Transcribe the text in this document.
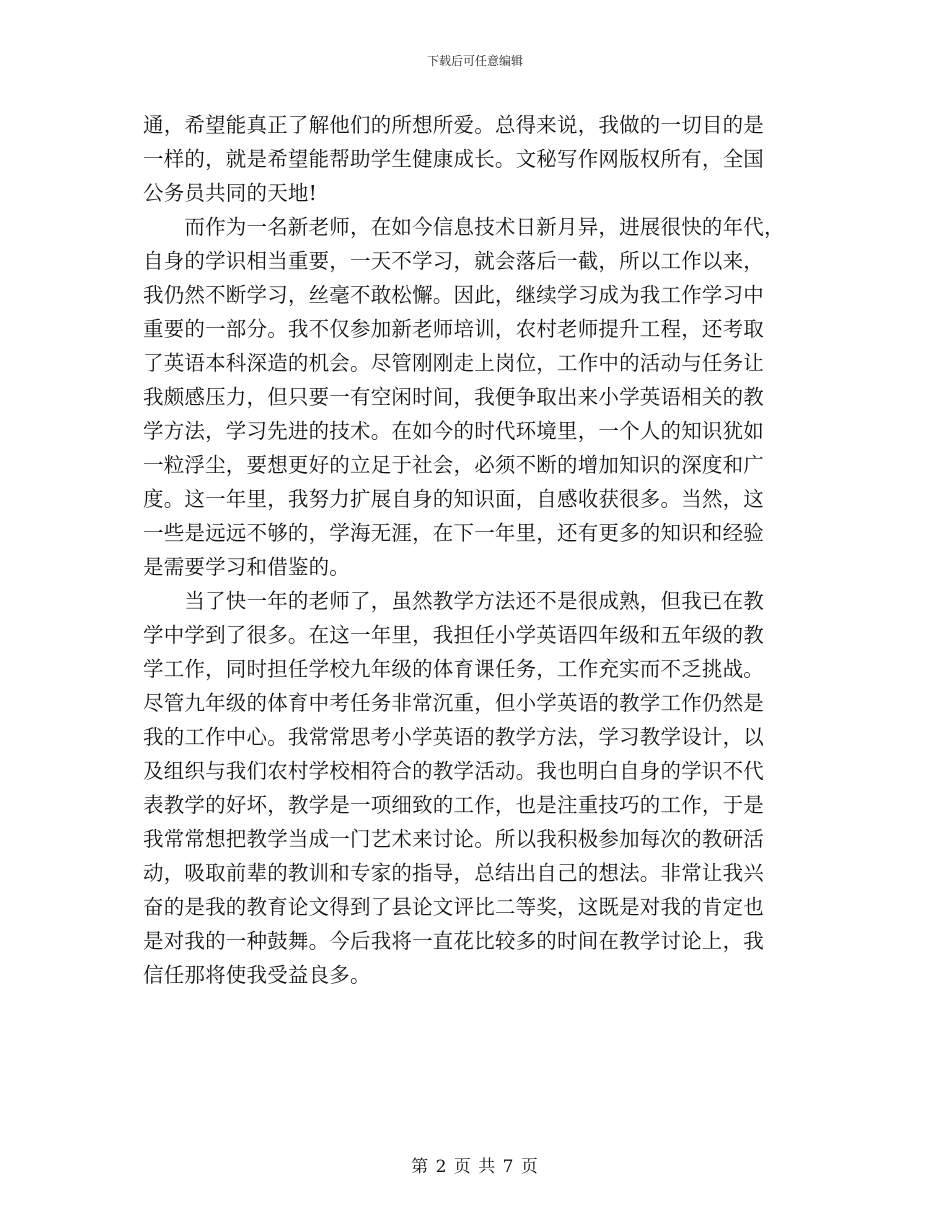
下载后可任意编辑
通，希望能真正了解他们的所想所爱。总得来说，我做的一切目的是
一样的，就是希望能帮助学生健康成长。文秘写作网版权所有，全国
公务员共同的天地!
　　而作为一名新老师，在如今信息技术日新月异，进展很快的年代，
自身的学识相当重要，一天不学习，就会落后一截，所以工作以来，
我仍然不断学习，丝毫不敢松懈。因此，继续学习成为我工作学习中
重要的一部分。我不仅参加新老师培训，农村老师提升工程，还考取
了英语本科深造的机会。尽管刚刚走上岗位，工作中的活动与任务让
我颇感压力，但只要一有空闲时间，我便争取出来小学英语相关的教
学方法，学习先进的技术。在如今的时代环境里，一个人的知识犹如
一粒浮尘，要想更好的立足于社会，必须不断的增加知识的深度和广
度。这一年里，我努力扩展自身的知识面，自感收获很多。当然，这
一些是远远不够的，学海无涯，在下一年里，还有更多的知识和经验
是需要学习和借鉴的。
　　当了快一年的老师了，虽然教学方法还不是很成熟，但我已在教
学中学到了很多。在这一年里，我担任小学英语四年级和五年级的教
学工作，同时担任学校九年级的体育课任务，工作充实而不乏挑战。
尽管九年级的体育中考任务非常沉重，但小学英语的教学工作仍然是
我的工作中心。我常常思考小学英语的教学方法，学习教学设计，以
及组织与我们农村学校相符合的教学活动。我也明白自身的学识不代
表教学的好坏，教学是一项细致的工作，也是注重技巧的工作，于是
我常常想把教学当成一门艺术来讨论。所以我积极参加每次的教研活
动，吸取前辈的教训和专家的指导，总结出自己的想法。非常让我兴
奋的是我的教育论文得到了县论文评比二等奖，这既是对我的肯定也
是对我的一种鼓舞。今后我将一直花比较多的时间在教学讨论上，我
信任那将使我受益良多。
第 2 页 共 7 页
